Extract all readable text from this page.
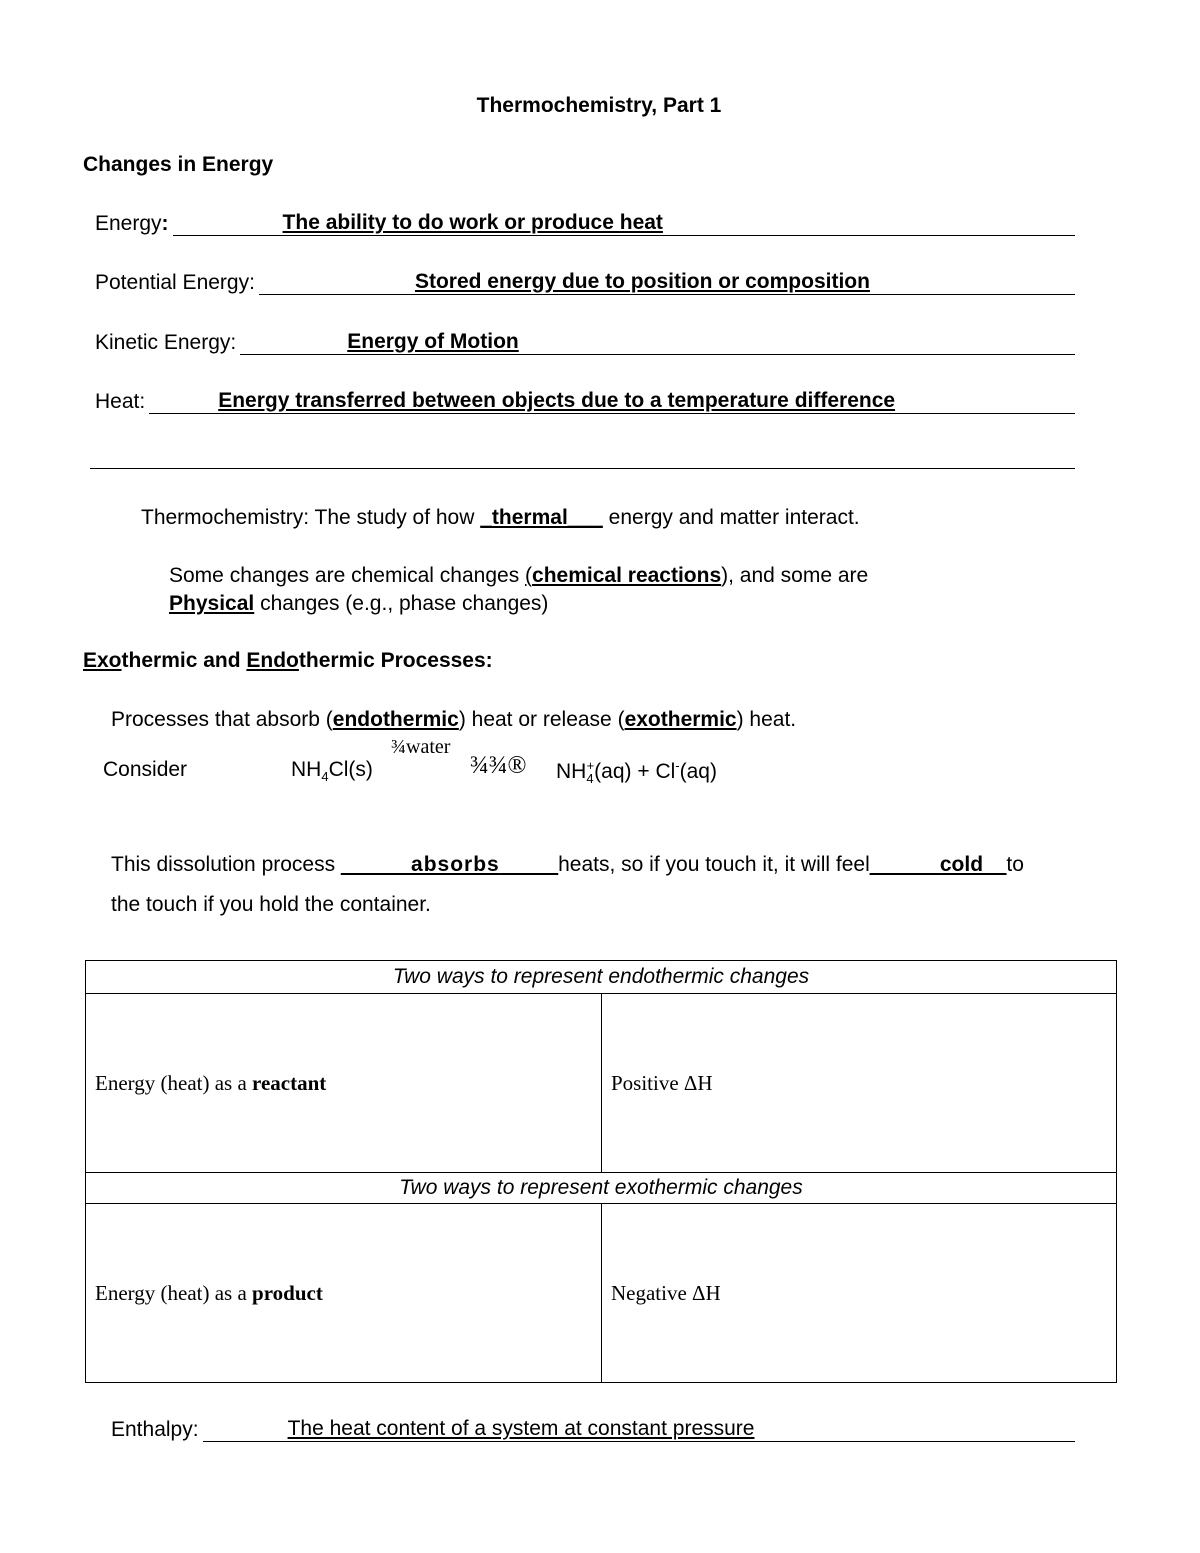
Thermochemistry, Part 1
Changes in Energy
Energy:	The ability to do work or produce heat
Potential Energy:	Stored energy due to position or composition
Kinetic Energy:	Energy of Motion
Heat:	Energy transferred between objects due to a temperature difference
Thermochemistry: The study of how _thermal___ energy and matter interact.
Some changes are chemical changes (chemical reactions), and some are
Physical changes (e.g., phase changes)
Exothermic and Endothermic Processes:
Processes that absorb (endothermic) heat or release (exothermic) heat.
Consider	$NH_4Cl(s)$
¾water
¾¾® $NH_4^+(aq) + Cl^-(aq)$
This dissolution process ______absorbs_____heats, so if you touch it, it will feel______cold__to
the touch if you hold the container.
Two ways to represent endothermic changes	
Energy (heat) as a reactant	Positive ΔH
Two ways to represent exothermic changes	
Energy (heat) as a product	Negative ΔH
Enthalpy:	The heat content of a system at constant pressure
